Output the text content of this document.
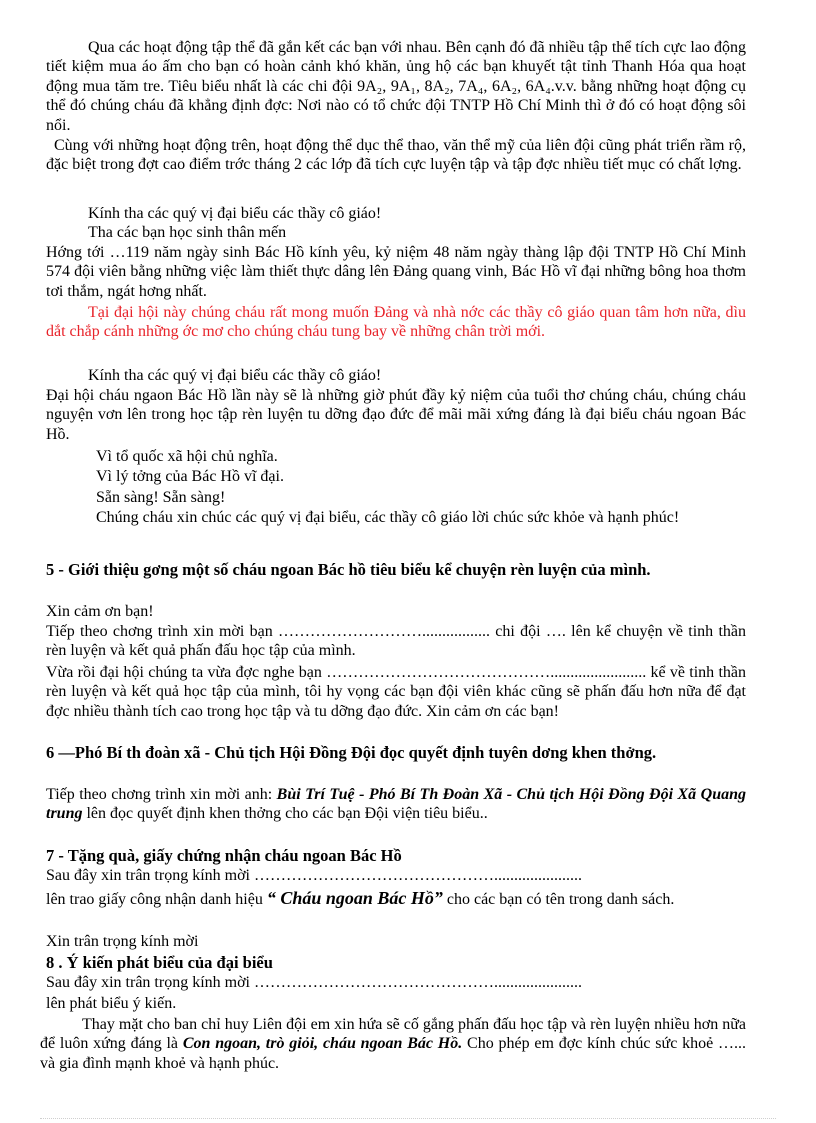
Qua các hoạt động tập thể đã gắn kết các bạn với nhau. Bên cạnh đó đã nhiều tập thể tích cực lao động tiết kiệm mua áo ấm cho bạn có hoàn cảnh khó khăn, ủng hộ các bạn khuyết tật tỉnh Thanh Hóa qua hoạt động mua tăm tre. Tiêu biểu nhất là các chi đội 9A₂, 9A₁, 8A₂, 7A₄, 6A₂, 6A₄.v.v. bằng những hoạt động cụ thể đó chúng cháu đã khẳng định đợc: Nơi nào có tổ chức đội TNTP Hồ Chí Minh thì ở đó có hoạt động sôi nổi.

Cùng với những hoạt động trên, hoạt động thể dục thể thao, văn thể mỹ của liên đội cũng phát triển rầm rộ, đặc biệt trong đợt cao điểm trớc tháng 2 các lớp đã tích cực luyện tập và tập đợc nhiều tiết mục có chất lợng.

Kính tha các quý vị đại biểu các thầy cô giáo!

Tha các bạn học sinh thân mến

Hớng tới …119 năm ngày sinh Bác Hồ kính yêu, kỷ niệm 48 năm ngày thàng lập đội TNTP Hồ Chí Minh 574 đội viên bằng những việc làm thiết thực dâng lên Đảng quang vinh, Bác Hồ vĩ đại những bông hoa thơm tơi thắm, ngát hơng nhất.

Tại đại hội này chúng cháu rất mong muốn Đảng và nhà nớc các thầy cô giáo quan tâm hơn nữa, dìu dắt chắp cánh những ớc mơ cho chúng cháu tung bay về những chân trời mới.

Kính tha các quý vị đại biểu các thầy cô giáo!

Đại hội cháu ngaon Bác Hồ lần này sẽ là những giờ phút đầy kỷ niệm của tuổi thơ chúng cháu, chúng cháu nguyện vơn lên trong học tập rèn luyện tu dỡng đạo đức để mãi mãi xứng đáng là đại biểu cháu ngoan Bác Hồ.

Vì tổ quốc xã hội chủ nghĩa.

Vì lý tởng của Bác Hồ vĩ đại.

Sẵn sàng! Sẵn sàng!

Chúng cháu xin chúc các quý vị đại biểu, các thầy cô giáo lời chúc sức khỏe và hạnh phúc!

5 - Giới thiệu gơng một số cháu ngoan Bác hồ tiêu biểu kể chuyện rèn luyện của mình.

Xin cảm ơn bạn!

Tiếp theo chơng trình xin mời bạn ………………………................. chi đội …. lên kể chuyện về tinh thần rèn luyện và kết quả phấn đấu học tập của mình.

Vừa rồi đại hội chúng ta vừa đợc nghe bạn ……………………………………........................ kể về tinh thần rèn luyện và kết quả học tập của mình, tôi hy vọng các bạn đội viên khác cũng sẽ phấn đấu hơn nữa để đạt đợc nhiều thành tích cao trong học tập và tu dỡng đạo đức. Xin cảm ơn các bạn!

6 —Phó Bí th đoàn xã - Chủ tịch Hội Đồng Đội đọc quyết định tuyên dơng khen thởng.

Tiếp theo chơng trình xin mời anh: Bùi Trí Tuệ - Phó Bí Th Đoàn Xã - Chủ tịch Hội Đồng Đội Xã Quang trung lên đọc quyết định khen thởng cho các bạn Đội viện tiêu biểu..

7 - Tặng quà, giấy chứng nhận cháu ngoan Bác Hồ

Sau đây xin trân trọng kính mời ………………………………………......................

lên trao giấy công nhận danh hiệu “ Cháu ngoan Bác Hồ” cho các bạn có tên trong danh sách.

Xin trân trọng kính mời

8 . Ý kiến phát biểu của đại biểu

Sau đây xin trân trọng kính mời ………………………………………......................

lên phát biểu ý kiến.

Thay mặt cho ban chỉ huy Liên đội em xin hứa sẽ cố gắng phấn đấu học tập và rèn luyện nhiều hơn nữa để luôn xứng đáng là Con ngoan, trò giỏi, cháu ngoan Bác Hồ. Cho phép em đợc kính chúc sức khoẻ …... và gia đình mạnh khoẻ và hạnh phúc.
